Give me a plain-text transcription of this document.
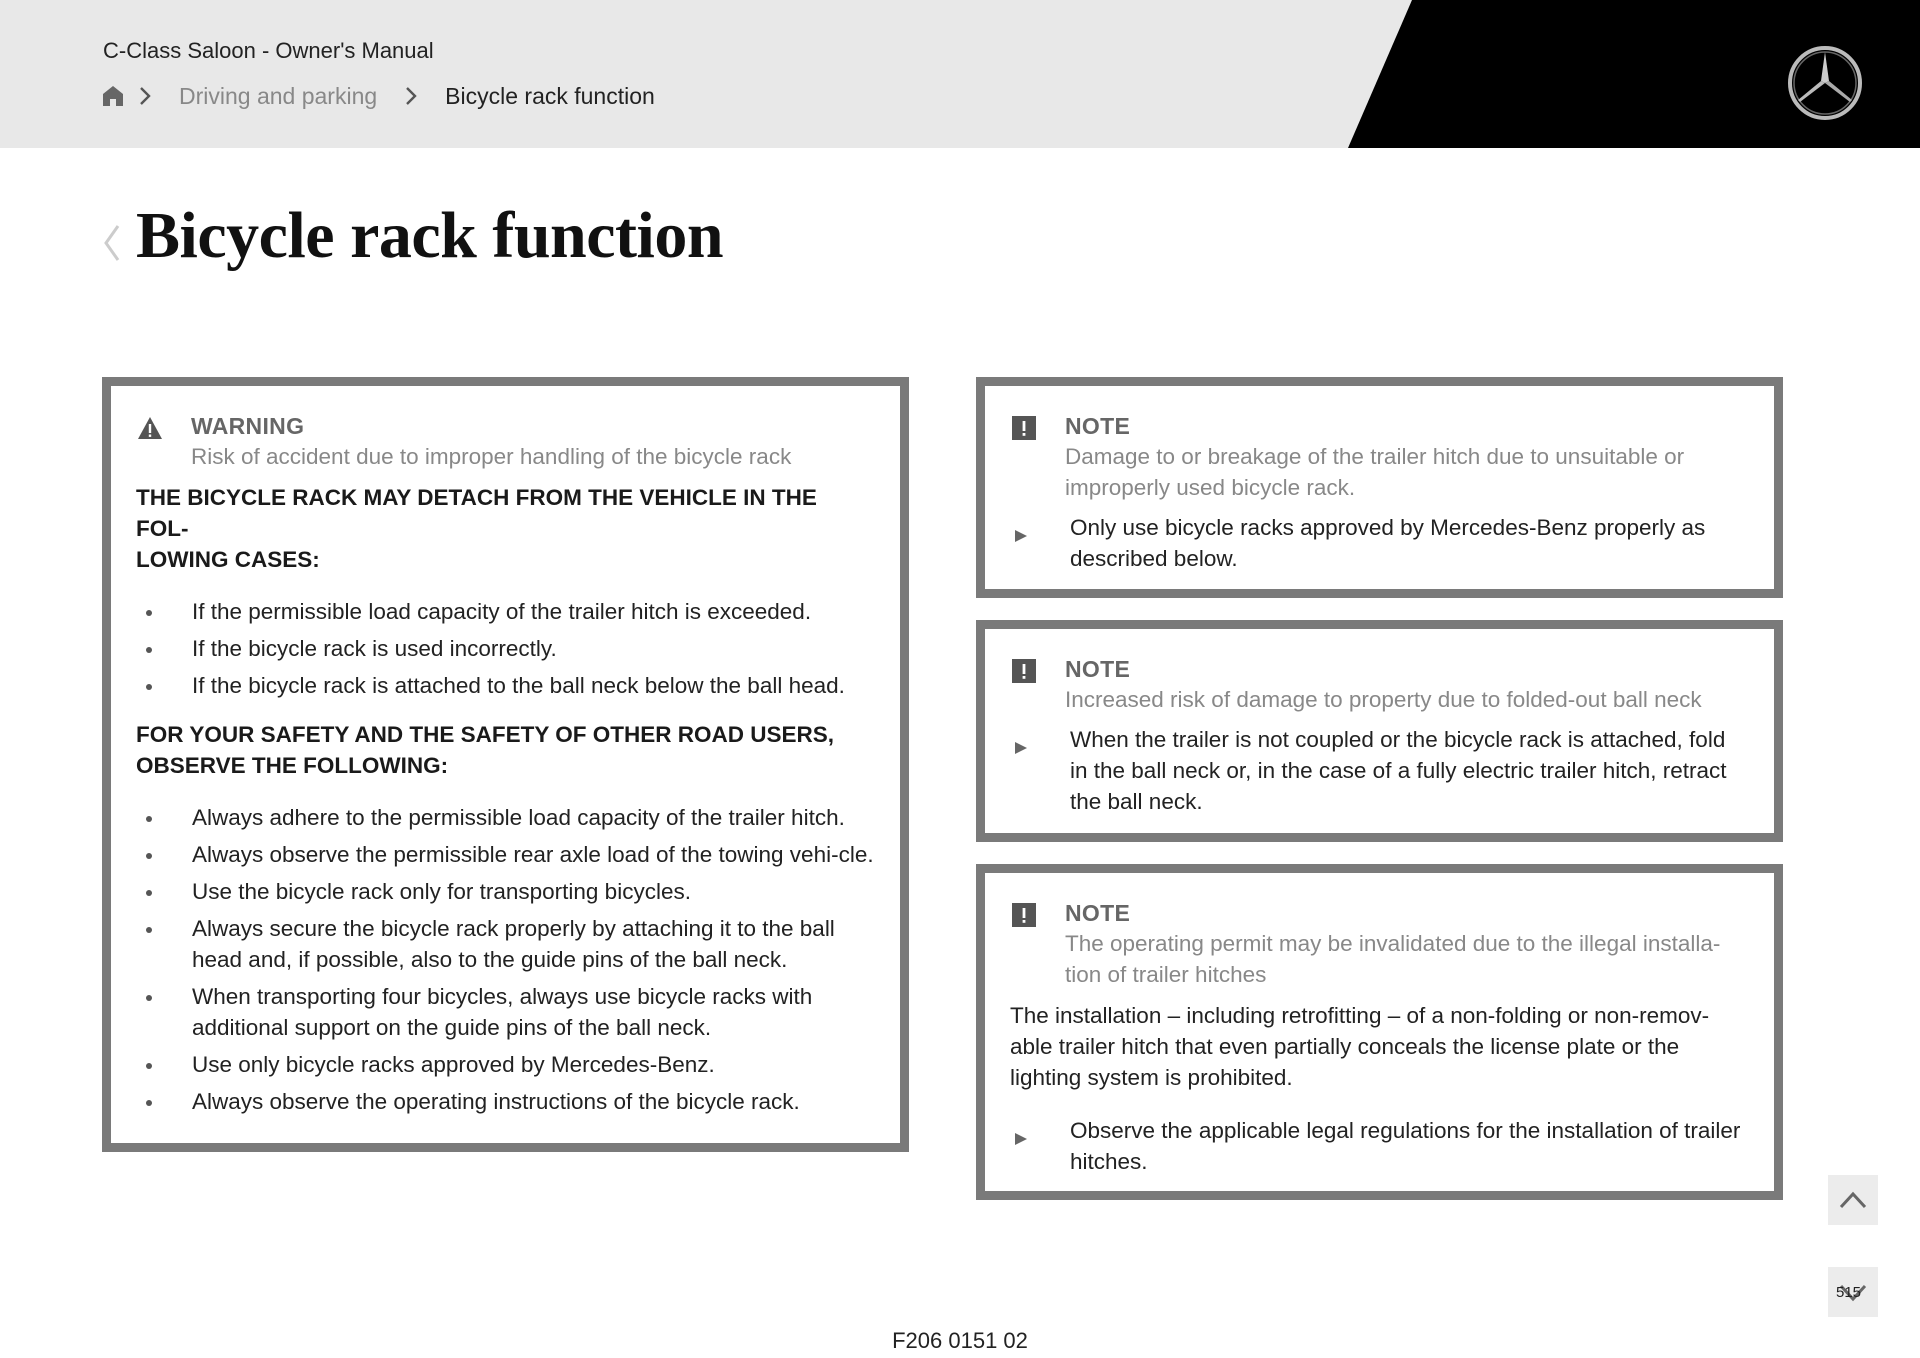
C-Class Saloon - Owner's Manual
Driving and parking	Bicycle rack function
Bicycle rack function
WARNING
Risk of accident due to improper handling of the bicycle rack
THE BICYCLE RACK MAY DETACH FROM THE VEHICLE IN THE FOL-
LOWING CASES:
If the permissible load capacity of the trailer hitch is exceeded.
If the bicycle rack is used incorrectly.
If the bicycle rack is attached to the ball neck below the ball head.
FOR YOUR SAFETY AND THE SAFETY OF OTHER ROAD USERS,
OBSERVE THE FOLLOWING:
Always adhere to the permissible load capacity of the trailer hitch.
Always observe the permissible rear axle load of the towing vehi-cle.
Use the bicycle rack only for transporting bicycles.
Always secure the bicycle rack properly by attaching it to the ball head and, if possible, also to the guide pins of the ball neck.
When transporting four bicycles, always use bicycle racks with additional support on the guide pins of the ball neck.
Use only bicycle racks approved by Mercedes-Benz.
Always observe the operating instructions of the bicycle rack.
NOTE
Damage to or breakage of the trailer hitch due to unsuitable or improperly used bicycle rack.
Only use bicycle racks approved by Mercedes-Benz properly as described below.
NOTE
Increased risk of damage to property due to folded-out ball neck
When the trailer is not coupled or the bicycle rack is attached, fold in the ball neck or, in the case of a fully electric trailer hitch, retract the ball neck.
NOTE
The operating permit may be invalidated due to the illegal installa-tion of trailer hitches
The installation – including retrofitting – of a non-folding or non-remov-able trailer hitch that even partially conceals the license plate or the lighting system is prohibited.
Observe the applicable legal regulations for the installation of trailer hitches.
515
F206 0151 02
